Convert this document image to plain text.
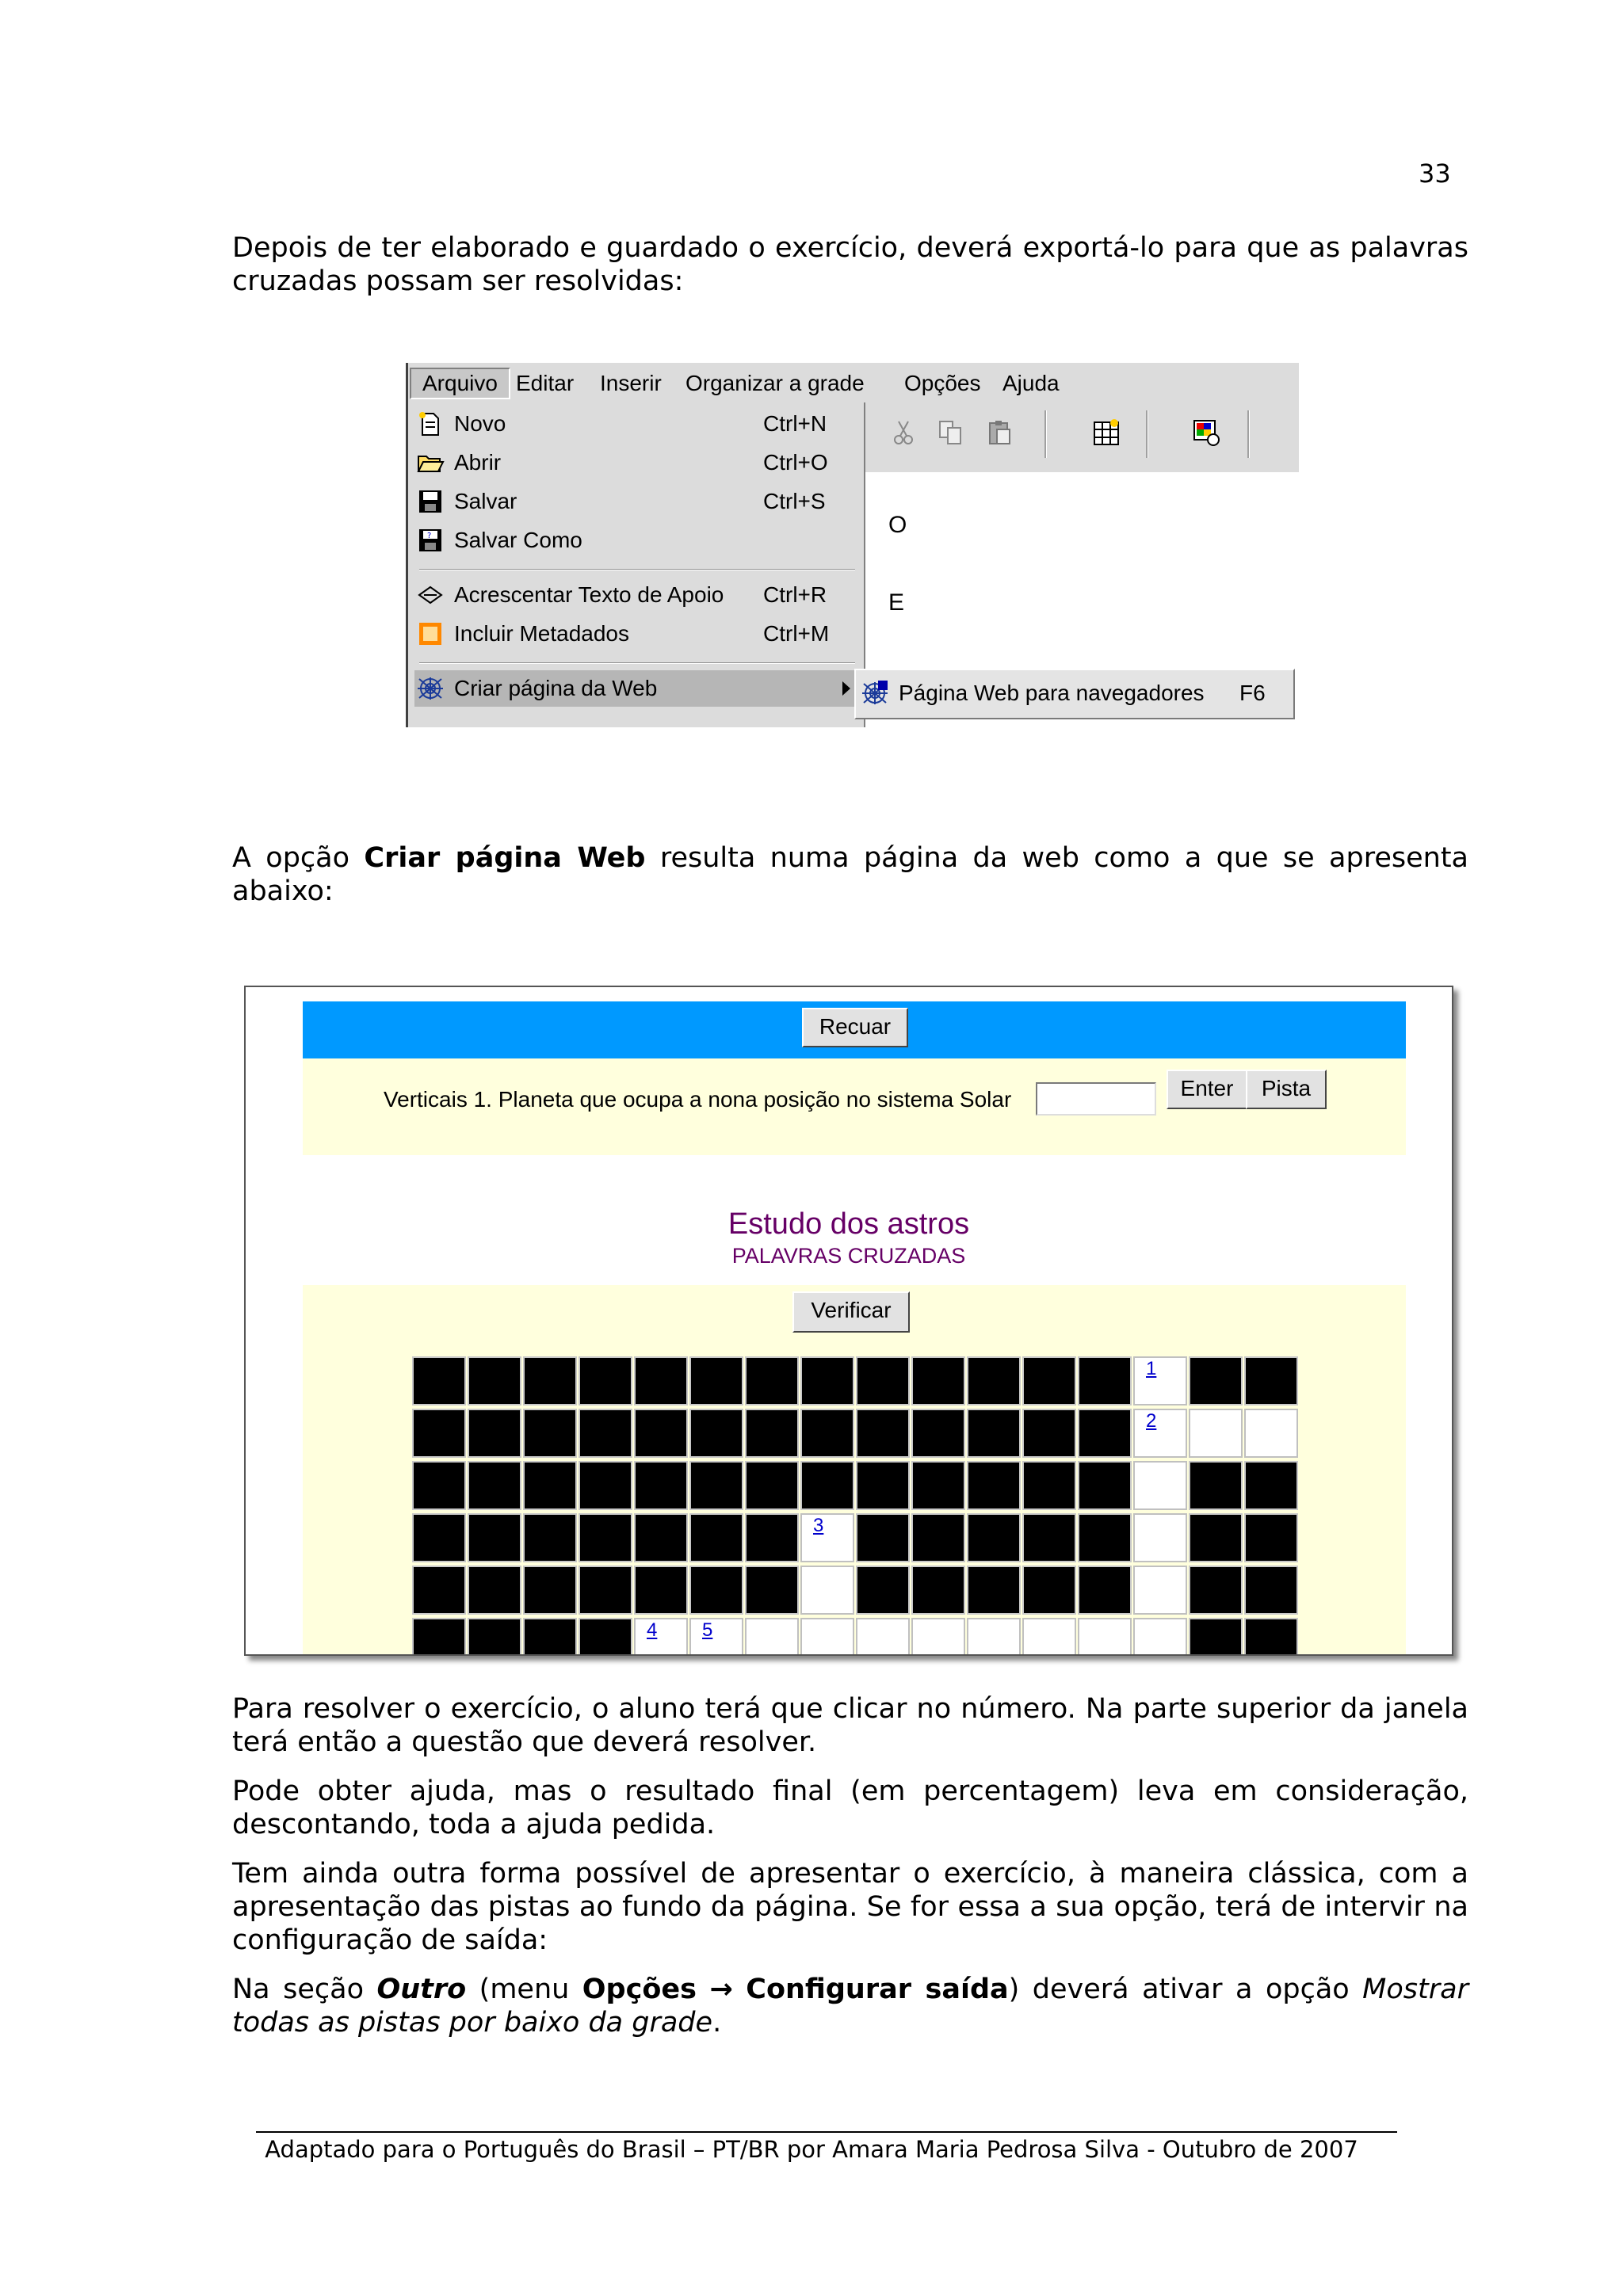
33

Depois de ter elaborado e guardado o exercício, deverá exportá-lo para que as palavras cruzadas possam ser resolvidas:

Arquivo Editar	Inserir	Organizar a grade	Opções Ajuda
O
E
Novo	Ctrl+N
Abrir	Ctrl+O
Salvar	Ctrl+S
? Salvar Como
Acrescentar Texto de Apoio Ctrl+R
Incluir Metadados	Ctrl+M
Criar página da Web	Página Web para navegadores F6

A opção Criar página Web resulta numa página da web como a que se apresenta abaixo:

Recuar
Verticais 1. Planeta que ocupa a nona posição no sistema Solar	Enter	Pista
Estudo dos astros
PALAVRAS CRUZADAS
Verificar
1
2
3
4 5

Para resolver o exercício, o aluno terá que clicar no número. Na parte superior da janela terá então a questão que deverá resolver.

Pode obter ajuda, mas o resultado final (em percentagem) leva em consideração, descontando, toda a ajuda pedida.

Tem ainda outra forma possível de apresentar o exercício, à maneira clássica, com a apresentação das pistas ao fundo da página. Se for essa a sua opção, terá de intervir na configuração de saída:

Na seção Outro (menu Opções → Configurar saída) deverá ativar a opção Mostrar todas as pistas por baixo da grade.

Adaptado para o Português do Brasil – PT/BR por Amara Maria Pedrosa Silva - Outubro de 2007
